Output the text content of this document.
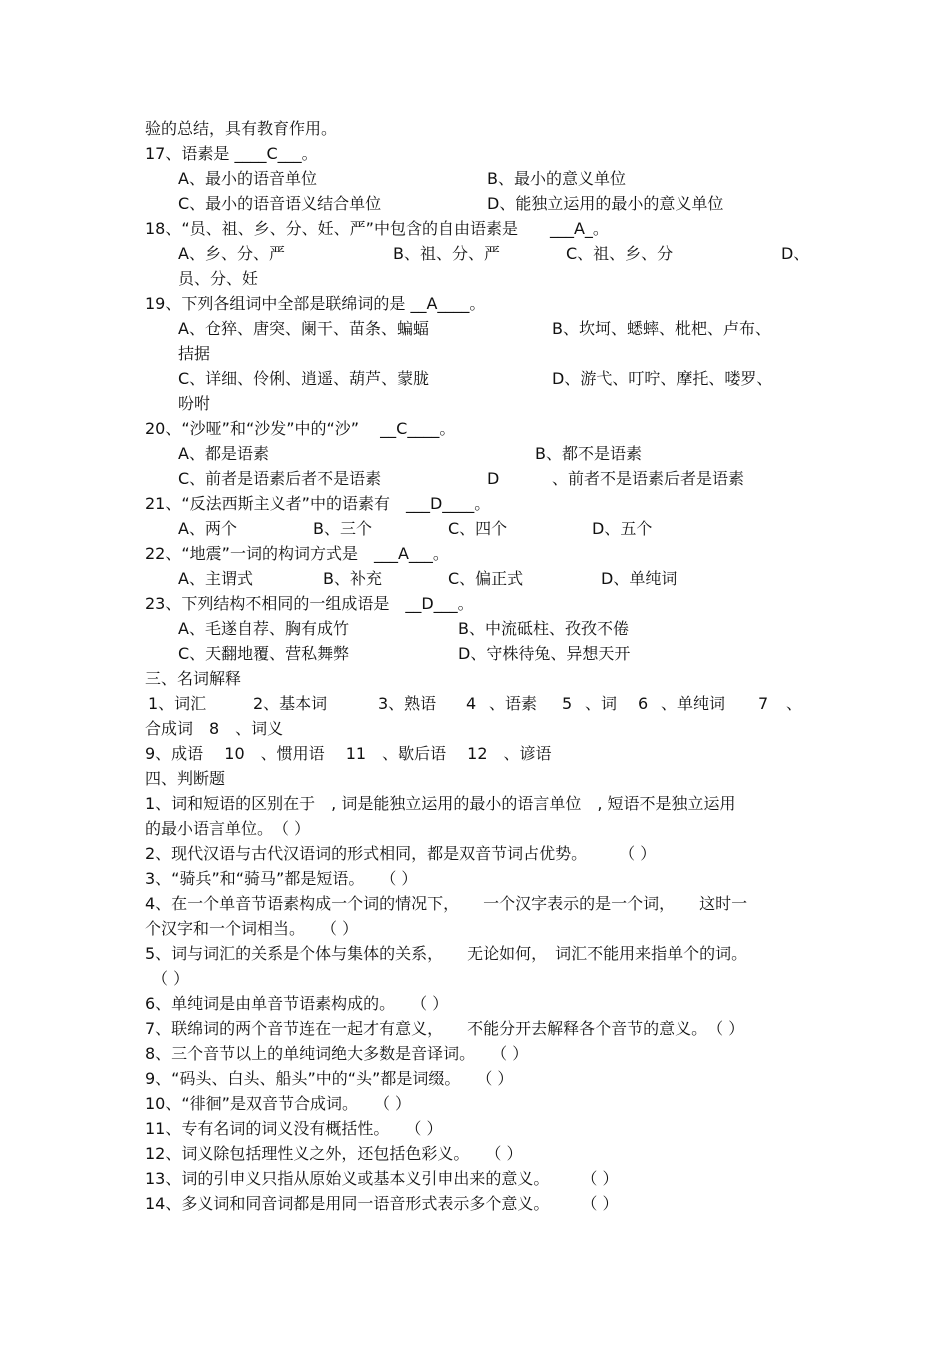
验的总结，具有教育作用。
17、语素是 ____C___。
A、最小的语音单位	B、最小的意义单位
C、最小的语音语义结合单位	D、能独立运用的最小的意义单位
18、“员、祖、乡、分、妊、严”中包含的自由语素是　　___A_。
A、乡、分、严	B、祖、分、严	C、祖、乡、分	D、
员、分、妊
19、下列各组词中全部是联绵词的是 __A____。
A、仓猝、唐突、阑干、苗条、蝙蝠	B、坎坷、蟋蟀、枇杷、卢布、
拮据
C、详细、伶俐、逍遥、葫芦、蒙胧	D、游弋、叮咛、摩托、喽罗、
吩咐
20、“沙哑”和“沙发”中的“沙”　 __C____。
A、都是语素	B、都不是语素
C、前者是语素后者不是语素	D	、前者不是语素后者是语素
21、“反法西斯主义者”中的语素有　___D____。
A、两个	B、三个	C、四个	D、五个
22、“地震”一词的构词方式是　___A___。
A、主谓式	B、补充	C、偏正式	D、单纯词
23、下列结构不相同的一组成语是　__D___。
A、毛遂自荐、胸有成竹	B、中流砥柱、孜孜不倦
C、天翻地覆、营私舞弊	D、守株待兔、异想天开
三、名词解释
1、词汇	2、基本词	3、熟语 4 、语素 5 、词 6 、单纯词 7 、
合成词　8　、词义
9、成语　 10　、惯用语　 11　、歇后语　 12　、谚语
四、判断题
1、词和短语的区别在于　, 词是能独立运用的最小的语言单位　, 短语不是独立运用
的最小语言单位。　（ ）
2、现代汉语与古代汉语词的形式相同，都是双音节词占优势。　　　（ ）
3、“骑兵”和“骑马”都是短语。　　（ ）
4、在一个单音节语素构成一个词的情况下，　　一个汉字表示的是一个词，　　这时一
个汉字和一个词相当。　　（ ）
5、词与词汇的关系是个体与集体的关系，　　无论如何，　词汇不能用来指单个的词。
（ ）
6、单纯词是由单音节语素构成的。　　（ ）
7、联绵词的两个音节连在一起才有意义，　　不能分开去解释各个音节的意义。　（ ）
8、三个音节以上的单纯词绝大多数是音译词。　　（ ）
9、“码头、白头、船头”中的“头”都是词缀。　　（ ）
10、“徘徊”是双音节合成词。　　（ ）
11、专有名词的词义没有概括性。　　（ ）
12、词义除包括理性义之外，还包括色彩义。　　（ ）
13、词的引申义只指从原始义或基本义引申出来的意义。　　　（ ）
14、多义词和同音词都是用同一语音形式表示多个意义。　　　（ ）
